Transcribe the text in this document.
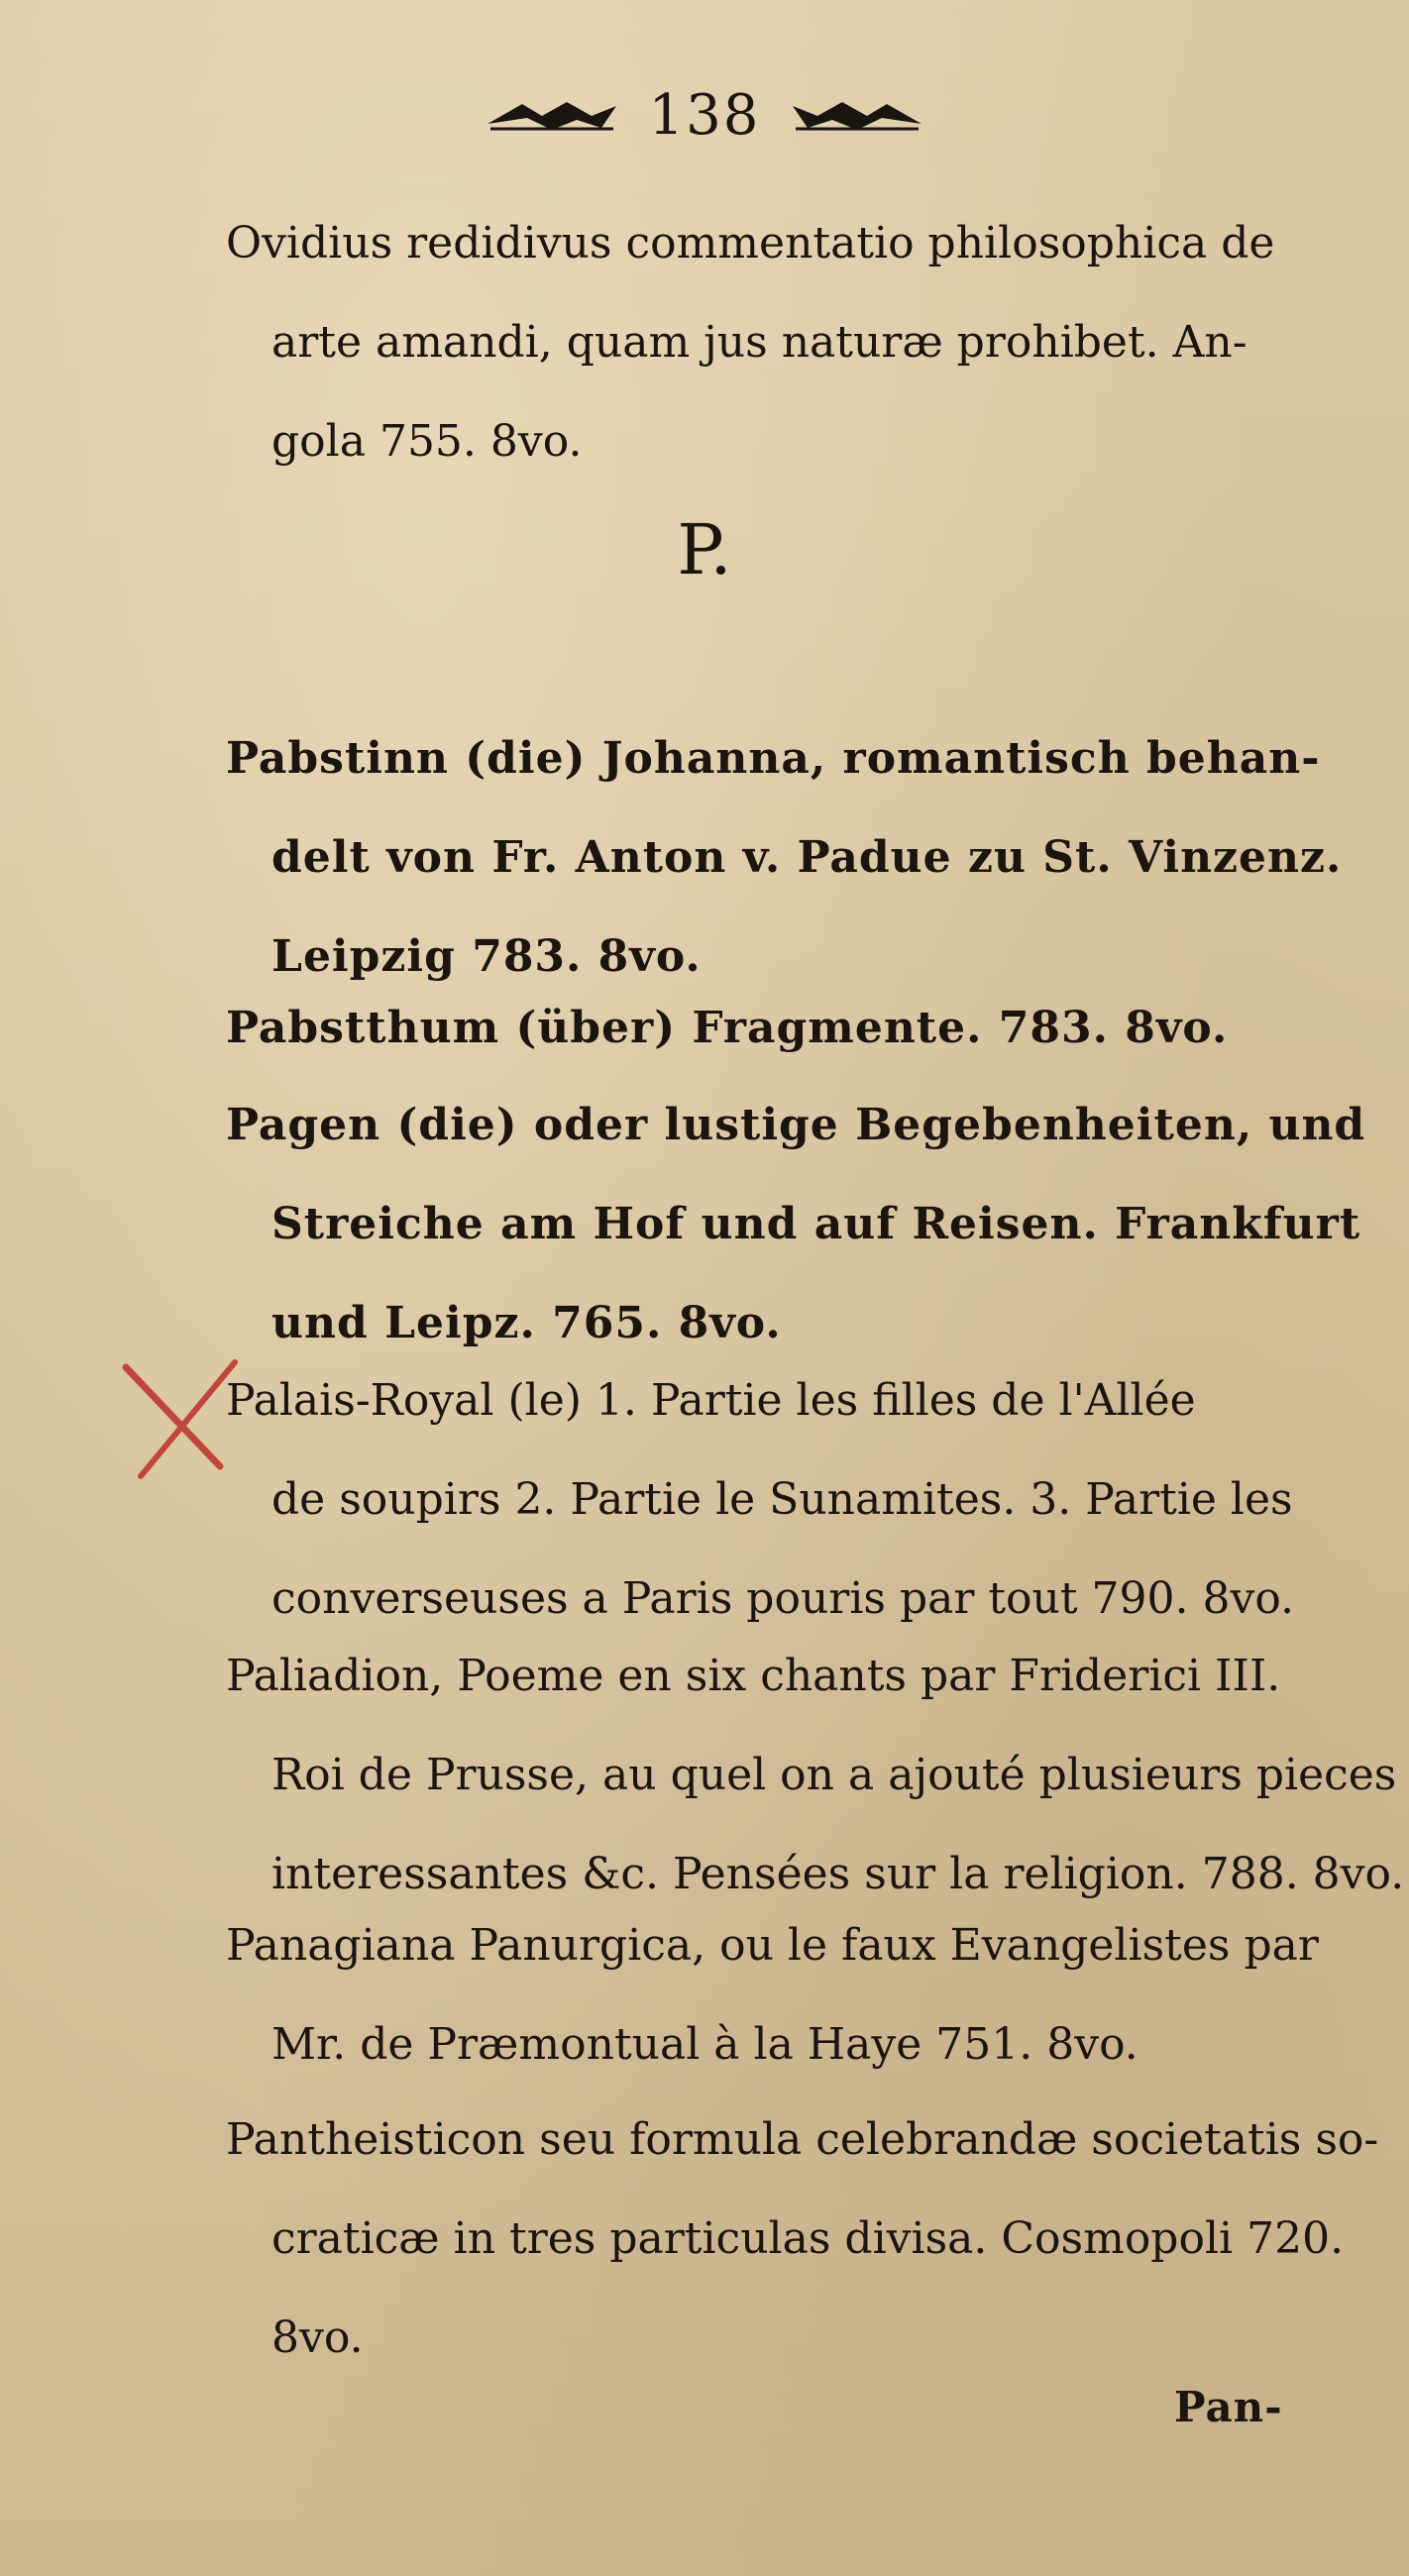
138
Ovidius redidivus commentatio philosophica de
arte amandi, quam jus naturæ prohibet. An-
gola 755. 8vo.
P.
Pabstinn (die) Johanna, romantisch behan-
delt von Fr. Anton v. Padue zu St. Vinzenz.
Leipzig 783. 8vo.
Pabstthum (über) Fragmente. 783. 8vo.
Pagen (die) oder lustige Begebenheiten, und
Streiche am Hof und auf Reisen. Frankfurt
und Leipz. 765. 8vo.
Palais-Royal (le) 1. Partie les filles de l'Allée
de soupirs 2. Partie le Sunamites. 3. Partie les
converseuses a Paris pouris par tout 790. 8vo.
Paliadion, Poeme en six chants par Friderici III.
Roi de Prusse, au quel on a ajouté plusieurs pieces
interessantes &c. Pensées sur la religion. 788. 8vo.
Panagiana Panurgica, ou le faux Evangelistes par
Mr. de Præmontual à la Haye 751. 8vo.
Pantheisticon seu formula celebrandæ societatis so-
craticæ in tres particulas divisa. Cosmopoli 720.
8vo.
Pan-
